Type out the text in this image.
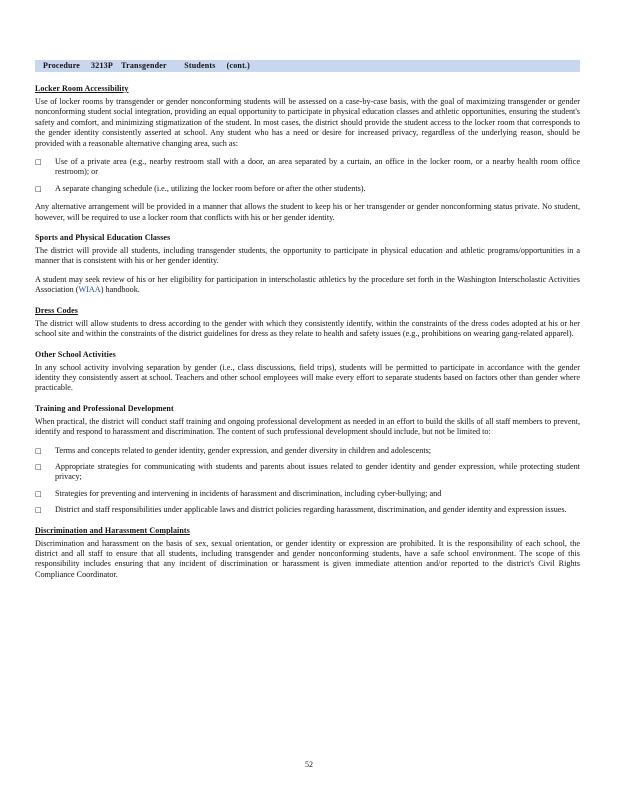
Procedure     3213P    Transgender        Students     (cont.)
Locker Room Accessibility

Use of locker rooms by transgender or gender nonconforming students will be assessed on a case-by-case basis, with the goal of maximizing transgender or gender nonconforming student social integration, providing an equal opportunity to participate in physical education classes and athletic opportunities, ensuring the student's safety and comfort, and minimizing stigmatization of the student. In most cases, the district should provide the student access to the locker room that corresponds to the gender identity consistently asserted at school. Any student who has a need or desire for increased privacy, regardless of the underlying reason, should be provided with a reasonable alternative changing area, such as:

□ Use of a private area (e.g., nearby restroom stall with a door, an area separated by a curtain, an office in the locker room, or a nearby health room office restroom); or
□ A separate changing schedule (i.e., utilizing the locker room before or after the other students).

Any alternative arrangement will be provided in a manner that allows the student to keep his or her transgender or gender nonconforming status private. No student, however, will be required to use a locker room that conflicts with his or her gender identity.

Sports and Physical Education Classes

The district will provide all students, including transgender students, the opportunity to participate in physical education and athletic programs/opportunities in a manner that is consistent with his or her gender identity.

A student may seek review of his or her eligibility for participation in interscholastic athletics by the procedure set forth in the Washington Interscholastic Activities Association (WIAA) handbook.

Dress Codes

The district will allow students to dress according to the gender with which they consistently identify, within the constraints of the dress codes adopted at his or her school site and within the constraints of the district guidelines for dress as they relate to health and safety issues (e.g., prohibitions on wearing gang-related apparel).

Other School Activities

In any school activity involving separation by gender (i.e., class discussions, field trips), students will be permitted to participate in accordance with the gender identity they consistently assert at school. Teachers and other school employees will make every effort to separate students based on factors other than gender where practicable.

Training and Professional Development

When practical, the district will conduct staff training and ongoing professional development as needed in an effort to build the skills of all staff members to prevent, identify and respond to harassment and discrimination. The content of such professional development should include, but not be limited to:

□ Terms and concepts related to gender identity, gender expression, and gender diversity in children and adolescents;
□ Appropriate strategies for communicating with students and parents about issues related to gender identity and gender expression, while protecting student privacy;
□ Strategies for preventing and intervening in incidents of harassment and discrimination, including cyber-bullying; and
□ District and staff responsibilities under applicable laws and district policies regarding harassment, discrimination, and gender identity and expression issues.
Discrimination and Harassment Complaints

Discrimination and harassment on the basis of sex, sexual orientation, or gender identity or expression are prohibited. It is the responsibility of each school, the district and all staff to ensure that all students, including transgender and gender nonconforming students, have a safe school environment. The scope of this responsibility includes ensuring that any incident of discrimination or harassment is given immediate attention and/or reported to the district's Civil Rights Compliance Coordinator.

52
